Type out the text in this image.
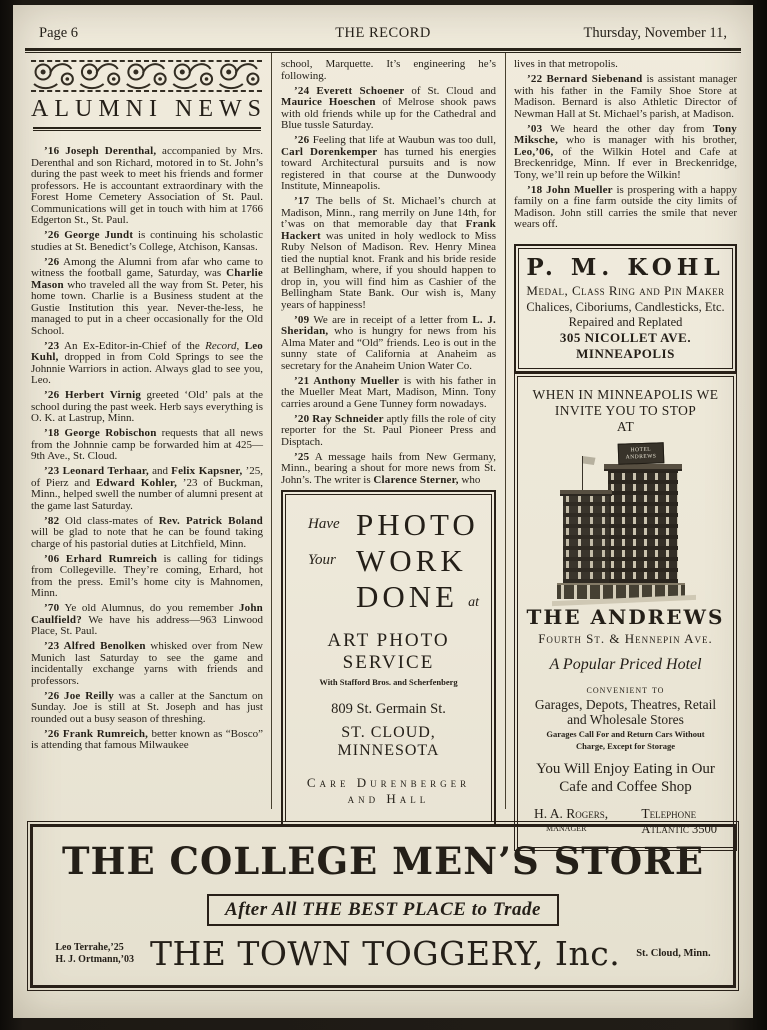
Page 6	THE RECORD	Thursday, November 11,
ALUMNI NEWS

’16 Joseph Derenthal, accompanied by Mrs. Derenthal and son Richard, motored in to St. John’s during the past week to meet his friends and former professors. He is accountant extraordinary with the Forest Home Cemetery Association of St. Paul. Communications will get in touch with him at 1766 Edgerton St., St. Paul.

’26 George Jundt is continuing his scholastic studies at St. Benedict’s College, Atchison, Kansas.

’26 Among the Alumni from afar who came to witness the football game, Saturday, was Charlie Mason who traveled all the way from St. Peter, his home town. Charlie is a Business student at the Gustie Institution this year. Never-the-less, he managed to put in a cheer occasionally for the Old School.

’23 An Ex-Editor-in-Chief of the Record, Leo Kuhl, dropped in from Cold Springs to see the Johnnie Warriors in action. Always glad to see you, Leo.

’26 Herbert Virnig greeted ‘Old’ pals at the school during the past week. Herb says everything is O. K. at Lastrup, Minn.

’18 George Robischon requests that all news from the Johnnie camp be forwarded him at 425—9th Ave., St. Cloud.

’23 Leonard Terhaar, and Felix Kapsner, ’25, of Pierz and Edward Kohler, ’23 of Buckman, Minn., helped swell the number of alumni present at the game last Saturday.

’82 Old class-mates of Rev. Patrick Boland will be glad to note that he can be found taking charge of his pastorial duties at Litchfield, Minn.

’06 Erhard Rumreich is calling for tidings from Collegeville. They’re coming, Erhard, hot from the press. Emil’s home city is Mahnomen, Minn.

’70 Ye old Alumnus, do you remember John Caulfield? We have his address—963 Linwood Place, St. Paul.

’23 Alfred Benolken whisked over from New Munich last Saturday to see the game and incidentally exchange yarns with friends and professors.

’26 Joe Reilly was a caller at the Sanctum on Sunday. Joe is still at St. Joseph and has just rounded out a busy season of threshing.

’26 Frank Rumreich, better known as “Bosco” is attending that famous Milwaukee

school, Marquette. It’s engineering he’s following.

’24 Everett Schoener of St. Cloud and Maurice Hoeschen of Melrose shook paws with old friends while up for the Cathedral and Blue tussle Saturday.

’26 Feeling that life at Waubun was too dull, Carl Dorenkemper has turned his energies toward Architectural pursuits and is now registered in that course at the Dunwoody Institute, Minneapolis.

’17 The bells of St. Michael’s church at Madison, Minn., rang merrily on June 14th, for t’was on that memorable day that Frank Hackert was united in holy wedlock to Miss Ruby Nelson of Madison. Rev. Henry Minea tied the nuptial knot. Frank and his bride reside at Bellingham, where, if you should happen to drop in, you will find him as Cashier of the Bellingham State Bank. Our wish is, Many years of happiness!

’09 We are in receipt of a letter from L. J. Sheridan, who is hungry for news from his Alma Mater and “Old” friends. Leo is out in the sunny state of California at Anaheim as secretary for the Anaheim Union Water Co.

’21 Anthony Mueller is with his father in the Mueller Meat Mart, Madison, Minn. Tony carries around a Gene Tunney form nowadays.

’20 Ray Schneider aptly fills the role of city reporter for the St. Paul Pioneer Press and Disptach.

’25 A message hails from New Germany, Minn., bearing a shout for more news from St. John’s. The writer is Clarence Sterner, who

Have PHOTO
Your WORK
DONE at
ART PHOTO SERVICE
With Stafford Bros. and Scherfenberg
809 St. Germain St.
ST. CLOUD, MINNESOTA
Care Durenberger and Hall

lives in that metropolis.

’22 Bernard Siebenand is assistant manager with his father in the Family Shoe Store at Madison. Bernard is also Athletic Director of Newman Hall at St. Michael’s parish, at Madison.

’03 We heard the other day from Tony Miksche, who is manager with his brother, Leo,’06, of the Wilkin Hotel and Cafe at Breckenridge, Minn. If ever in Breckenridge, Tony, we’ll rein up before the Wilkin!

’18 John Mueller is prospering with a happy family on a fine farm outside the city limits of Madison. John still carries the smile that never wears off.

P. M. KOHL
Medal, Class Ring and Pin Maker
Chalices, Ciboriums, Candlesticks, Etc.
Repaired and Replated
305 NICOLLET AVE. MINNEAPOLIS
WHEN IN MINNEAPOLIS WE
INVITE YOU TO STOP
AT
HOTEL
ANDREWS
THE ANDREWS
Fourth St. & Hennepin Ave.
A Popular Priced Hotel
convenient to
Garages, Depots, Theatres, Retail and Wholesale Stores
Garages Call For and Return Cars Without
Charge, Except for Storage
You Will Enjoy Eating in Our
Cafe and Coffee Shop
H. A. Rogers,
manager
Telephone
Atlantic 3500
THE COLLEGE MEN’S STORE
After All THE BEST PLACE to Trade
Leo Terrahe,’25
H. J. Ortmann,’03 THE TOWN TOGGERY, Inc. St. Cloud, Minn.
